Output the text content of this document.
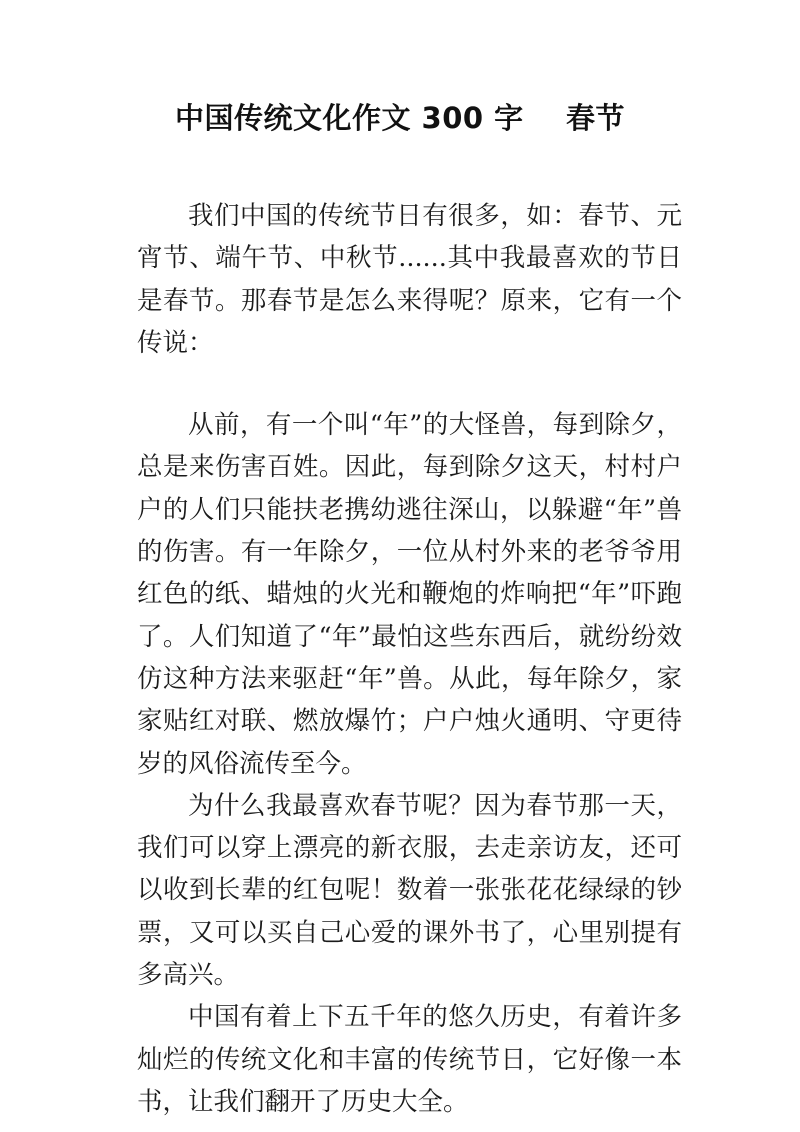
中国传统文化作文 300 字    春节

我们中国的传统节日有很多，如：春节、元宵节、端午节、中秋节......其中我最喜欢的节日是春节。那春节是怎么来得呢？原来，它有一个传说：

从前，有一个叫“年”的大怪兽，每到除夕，总是来伤害百姓。因此，每到除夕这天，村村户户的人们只能扶老携幼逃往深山，以躲避“年”兽的伤害。有一年除夕，一位从村外来的老爷爷用红色的纸、蜡烛的火光和鞭炮的炸响把“年”吓跑了。人们知道了“年”最怕这些东西后，就纷纷效仿这种方法来驱赶“年”兽。从此，每年除夕，家家贴红对联、燃放爆竹；户户烛火通明、守更待岁的风俗流传至今。

为什么我最喜欢春节呢？因为春节那一天，我们可以穿上漂亮的新衣服，去走亲访友，还可以收到长辈的红包呢！数着一张张花花绿绿的钞票，又可以买自己心爱的课外书了，心里别提有多高兴。

中国有着上下五千年的悠久历史，有着许多灿烂的传统文化和丰富的传统节日，它好像一本书，让我们翻开了历史大全。
